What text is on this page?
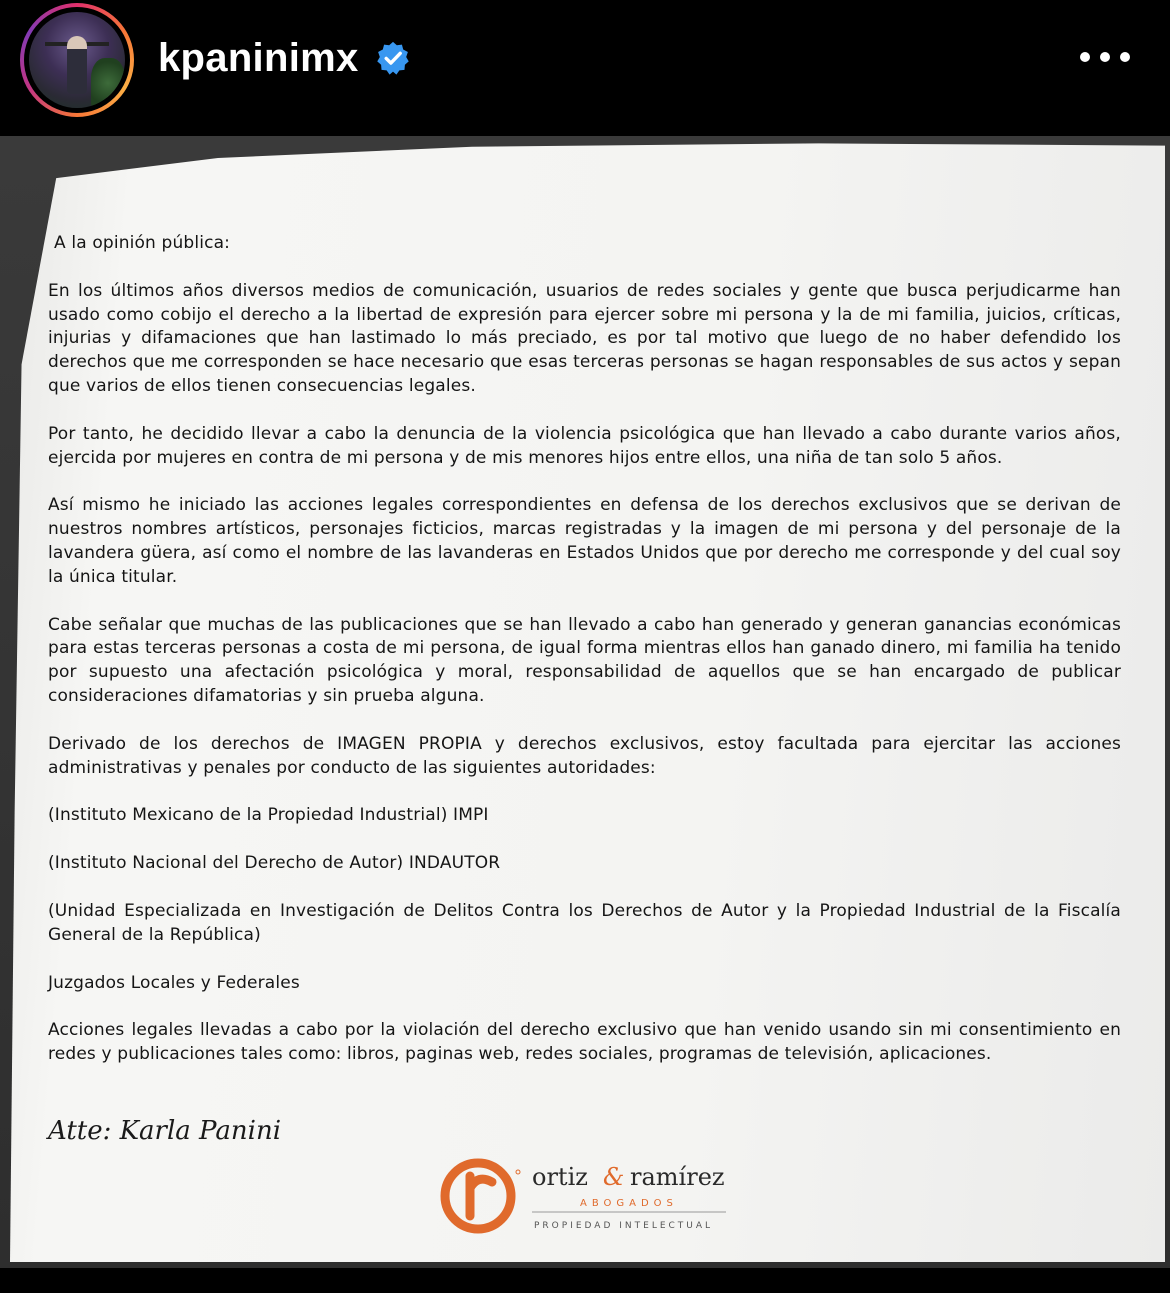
kpaninimx

A la opinión pública:

En los últimos años diversos medios de comunicación, usuarios de redes sociales y gente que busca perjudicarme han usado como cobijo el derecho a la libertad de expresión para ejercer sobre mi persona y la de mi familia, juicios, críticas, injurias y difamaciones que han lastimado lo más preciado, es por tal motivo que luego de no haber defendido los derechos que me corresponden se hace necesario que esas terceras personas se hagan responsables de sus actos y sepan que varios de ellos tienen consecuencias legales.

Por tanto, he decidido llevar a cabo la denuncia de la violencia psicológica que han llevado a cabo durante varios años, ejercida por mujeres en contra de mi persona y de mis menores hijos entre ellos, una niña de tan solo 5 años.

Así mismo he iniciado las acciones legales correspondientes en defensa de los derechos exclusivos que se derivan de nuestros nombres artísticos, personajes ficticios, marcas registradas y la imagen de mi persona y del personaje de la lavandera güera, así como el nombre de las lavanderas en Estados Unidos que por derecho me corresponde y del cual soy la única titular.

Cabe señalar que muchas de las publicaciones que se han llevado a cabo han generado y generan ganancias económicas para estas terceras personas a costa de mi persona, de igual forma mientras ellos han ganado dinero, mi familia ha tenido por supuesto una afectación psicológica y moral, responsabilidad de aquellos que se han encargado de publicar consideraciones difamatorias y sin prueba alguna.

Derivado de los derechos de IMAGEN PROPIA y derechos exclusivos, estoy facultada para ejercitar las acciones administrativas y penales por conducto de las siguientes autoridades:

(Instituto Mexicano de la Propiedad Industrial) IMPI

(Instituto Nacional del Derecho de Autor) INDAUTOR

(Unidad Especializada en Investigación de Delitos Contra los Derechos de Autor y la Propiedad Industrial de la Fiscalía General de la República)

Juzgados Locales y Federales

Acciones legales llevadas a cabo por la violación del derecho exclusivo que han venido usando sin mi consentimiento en redes y publicaciones tales como: libros, paginas web, redes sociales, programas de televisión, aplicaciones.

Atte: Karla Panini
ortiz & ramírez
ABOGADOS
PROPIEDAD INTELECTUAL
